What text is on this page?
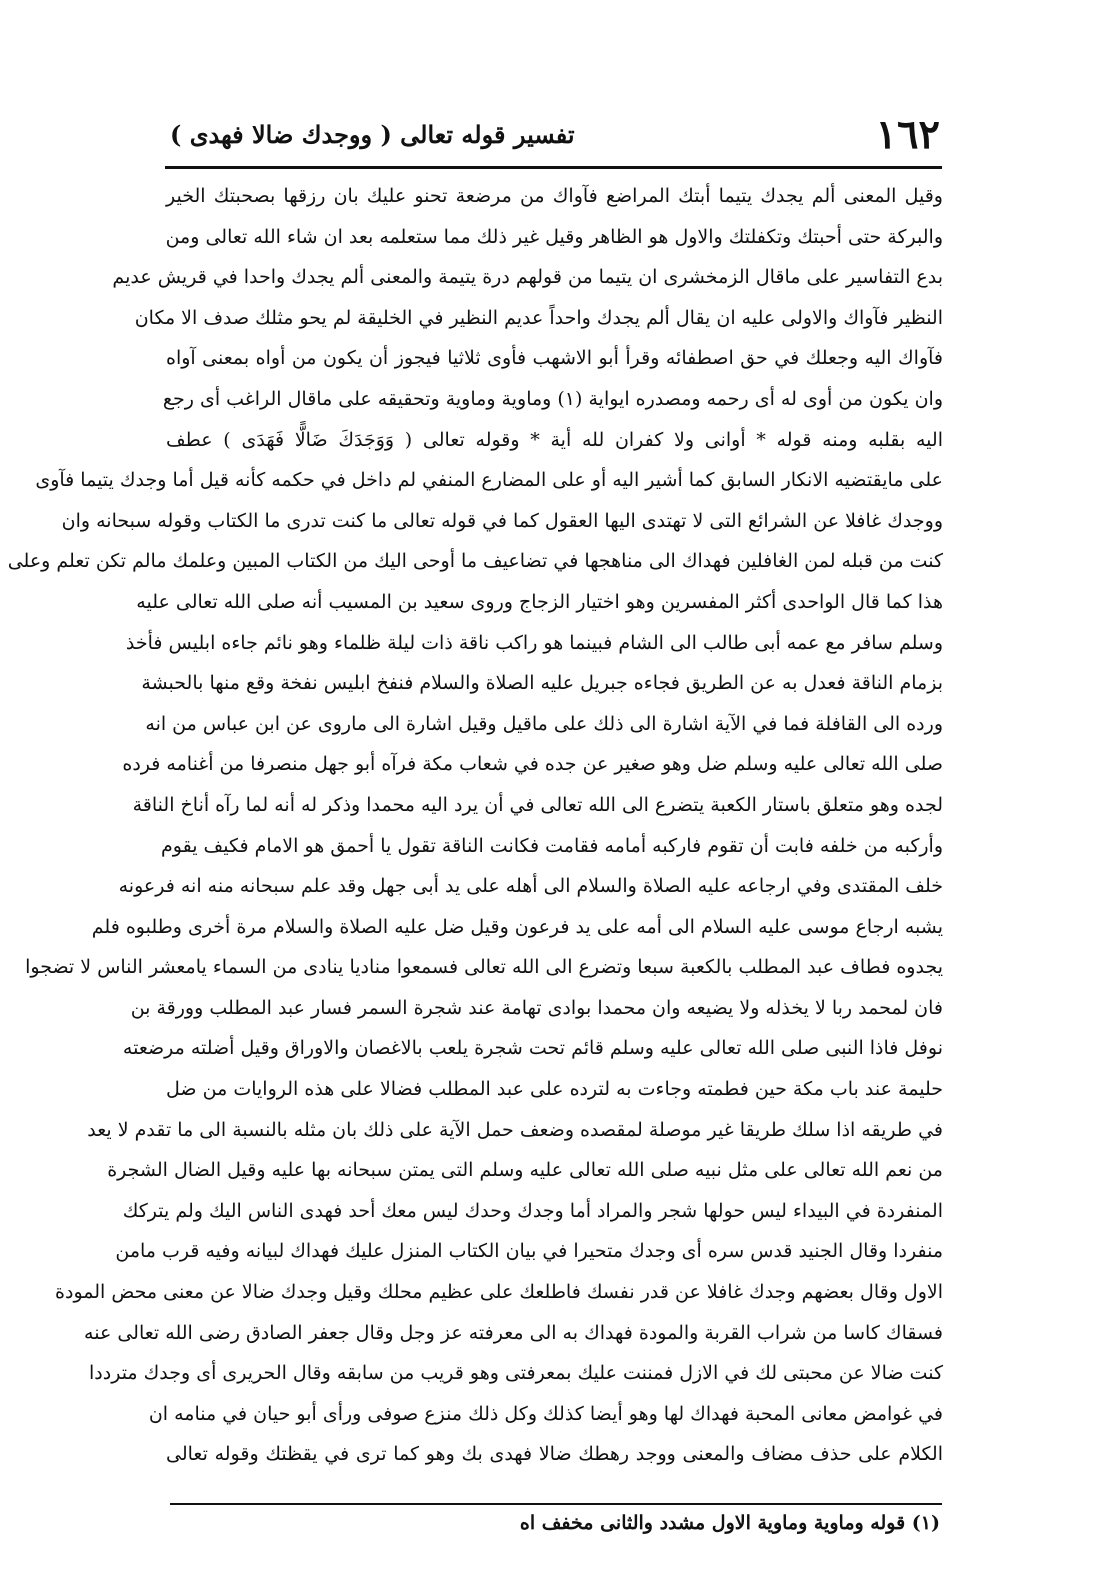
١٦٢
تفسير قوله تعالى ( ووجدك ضالا فهدى )
وقيل المعنى ألم يجدك يتيما أبتك المراضع فآواك من مرضعة تحنو عليك بان رزقها بصحبتك الخير
والبركة حتى أحبتك وتكفلتك والاول هو الظاهر وقيل غير ذلك مما ستعلمه بعد ان شاء الله تعالى ومن
بدع التفاسير على ماقال الزمخشرى ان يتيما من قولهم درة يتيمة والمعنى ألم يجدك واحدا في قريش عديم
النظير فآواك والاولى عليه ان يقال ألم يجدك واحداً عديم النظير في الخليقة لم يحو مثلك صدف الا مكان
فآواك اليه وجعلك في حق اصطفائه وقرأ أبو الاشهب فأوى ثلاثيا فيجوز أن يكون من أواه بمعنى آواه
وان يكون من أوى له أى رحمه ومصدره ايواية (١) وماوية وماوية وتحقيقه على ماقال الراغب أى رجع
اليه بقلبه ومنه قوله * أوانى ولا كفران لله أية * وقوله تعالى ( وَوَجَدَكَ ضَالًّا فَهَدَى ) عطف
على مايقتضيه الانكار السابق كما أشير اليه أو على المضارع المنفي لم داخل في حكمه كأنه قيل أما وجدك يتيما فآوى
ووجدك غافلا عن الشرائع التى لا تهتدى اليها العقول كما في قوله تعالى ما كنت تدرى ما الكتاب وقوله سبحانه وان
كنت من قبله لمن الغافلين فهداك الى مناهجها في تضاعيف ما أوحى اليك من الكتاب المبين وعلمك مالم تكن تعلم وعلى
هذا كما قال الواحدى أكثر المفسرين وهو اختيار الزجاج وروى سعيد بن المسيب أنه صلى الله تعالى عليه
وسلم سافر مع عمه أبى طالب الى الشام فبينما هو راكب ناقة ذات ليلة ظلماء وهو نائم جاءه ابليس فأخذ
بزمام الناقة فعدل به عن الطريق فجاءه جبريل عليه الصلاة والسلام فنفخ ابليس نفخة وقع منها بالحبشة
ورده الى القافلة فما في الآية اشارة الى ذلك على ماقيل وقيل اشارة الى ماروى عن ابن عباس من انه
صلى الله تعالى عليه وسلم ضل وهو صغير عن جده في شعاب مكة فرآه أبو جهل منصرفا من أغنامه فرده
لجده وهو متعلق باستار الكعبة يتضرع الى الله تعالى في أن يرد اليه محمدا وذكر له أنه لما رآه أناخ الناقة
وأركبه من خلفه فابت أن تقوم فاركبه أمامه فقامت فكانت الناقة تقول يا أحمق هو الامام فكيف يقوم
خلف المقتدى وفي ارجاعه عليه الصلاة والسلام الى أهله على يد أبى جهل وقد علم سبحانه منه انه فرعونه
يشبه ارجاع موسى عليه السلام الى أمه على يد فرعون وقيل ضل عليه الصلاة والسلام مرة أخرى وطلبوه فلم
يجدوه فطاف عبد المطلب بالكعبة سبعا وتضرع الى الله تعالى فسمعوا مناديا ينادى من السماء يامعشر الناس لا تضجوا
فان لمحمد ربا لا يخذله ولا يضيعه وان محمدا بوادى تهامة عند شجرة السمر فسار عبد المطلب وورقة بن
نوفل فاذا النبى صلى الله تعالى عليه وسلم قائم تحت شجرة يلعب بالاغصان والاوراق وقيل أضلته مرضعته
حليمة عند باب مكة حين فطمته وجاءت به لترده على عبد المطلب فضالا على هذه الروايات من ضل
في طريقه اذا سلك طريقا غير موصلة لمقصده وضعف حمل الآية على ذلك بان مثله بالنسبة الى ما تقدم لا يعد
من نعم الله تعالى على مثل نبيه صلى الله تعالى عليه وسلم التى يمتن سبحانه بها عليه وقيل الضال الشجرة
المنفردة في البيداء ليس حولها شجر والمراد أما وجدك وحدك ليس معك أحد فهدى الناس اليك ولم يتركك
منفردا وقال الجنيد قدس سره أى وجدك متحيرا في بيان الكتاب المنزل عليك فهداك لبيانه وفيه قرب مامن
الاول وقال بعضهم وجدك غافلا عن قدر نفسك فاطلعك على عظيم محلك وقيل وجدك ضالا عن معنى محض المودة
فسقاك كاسا من شراب القربة والمودة فهداك به الى معرفته عز وجل وقال جعفر الصادق رضى الله تعالى عنه
كنت ضالا عن محبتى لك في الازل فمننت عليك بمعرفتى وهو قريب من سابقه وقال الحريرى أى وجدك مترددا
في غوامض معانى المحبة فهداك لها وهو أيضا كذلك وكل ذلك منزع صوفى ورأى أبو حيان في منامه ان
الكلام على حذف مضاف والمعنى ووجد رهطك ضالا فهدى بك وهو كما ترى في يقظتك وقوله تعالى
(١) قوله وماوية وماوية الاول مشدد والثانى مخفف اه
